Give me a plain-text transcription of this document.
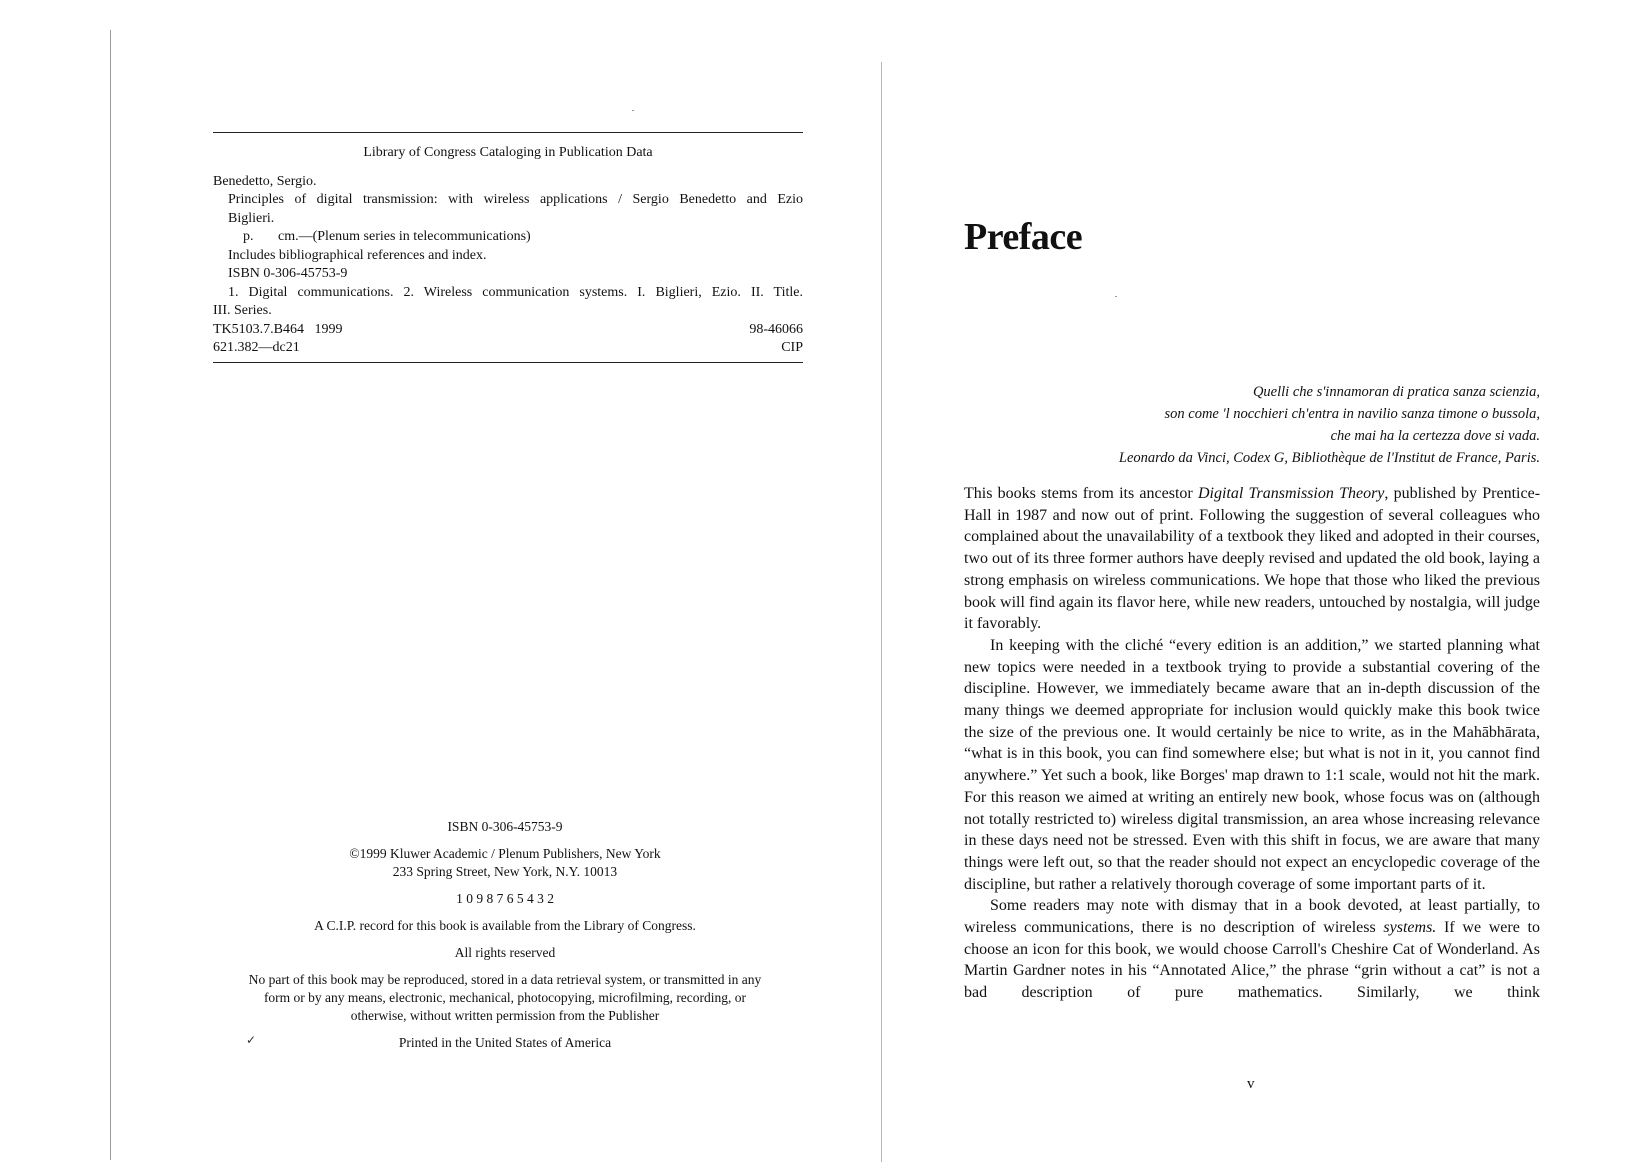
Library of Congress Cataloging in Publication Data
Benedetto, Sergio.
Principles of digital transmission: with wireless applications / Sergio Benedetto and Ezio
Biglieri.
p.       cm.—(Plenum series in telecommunications)
Includes bibliographical references and index.
ISBN 0-306-45753-9
1. Digital communications. 2. Wireless communication systems. I. Biglieri, Ezio. II. Title.
III. Series.
TK5103.7.B464   1999	98-46066
621.382—dc21	CIP
ISBN 0-306-45753-9
©1999 Kluwer Academic / Plenum Publishers, New York
233 Spring Street, New York, N.Y. 10013
1 0 9 8 7 6 5 4 3 2
A C.I.P. record for this book is available from the Library of Congress.
All rights reserved
No part of this book may be reproduced, stored in a data retrieval system, or transmitted in any
form or by any means, electronic, mechanical, photocopying, microfilming, recording, or
otherwise, without written permission from the Publisher
Printed in the United States of America
✓
Preface
Quelli che s'innamoran di pratica sanza scienzia,
son come 'l nocchieri ch'entra in navilio sanza timone o bussola,
che mai ha la certezza dove si vada.
Leonardo da Vinci, Codex G, Bibliothèque de l'Institut de France, Paris.

This books stems from its ancestor Digital Transmission Theory, published by Prentice-Hall in 1987 and now out of print. Following the suggestion of several colleagues who complained about the unavailability of a textbook they liked and adopted in their courses, two out of its three former authors have deeply revised and updated the old book, laying a strong emphasis on wireless communications. We hope that those who liked the previous book will find again its flavor here, while new readers, untouched by nostalgia, will judge it favorably.

In keeping with the cliché “every edition is an addition,” we started planning what new topics were needed in a textbook trying to provide a substantial covering of the discipline. However, we immediately became aware that an in-depth discussion of the many things we deemed appropriate for inclusion would quickly make this book twice the size of the previous one. It would certainly be nice to write, as in the Mahābhārata, “what is in this book, you can find somewhere else; but what is not in it, you cannot find anywhere.” Yet such a book, like Borges' map drawn to 1:1 scale, would not hit the mark. For this reason we aimed at writing an entirely new book, whose focus was on (although not totally restricted to) wireless digital transmission, an area whose increasing relevance in these days need not be stressed. Even with this shift in focus, we are aware that many things were left out, so that the reader should not expect an encyclopedic coverage of the discipline, but rather a relatively thorough coverage of some important parts of it.

Some readers may note with dismay that in a book devoted, at least partially, to wireless communications, there is no description of wireless systems. If we were to choose an icon for this book, we would choose Carroll's Cheshire Cat of Wonderland. As Martin Gardner notes in his “Annotated Alice,” the phrase “grin without a cat” is not a bad description of pure mathematics. Similarly, we think

v
